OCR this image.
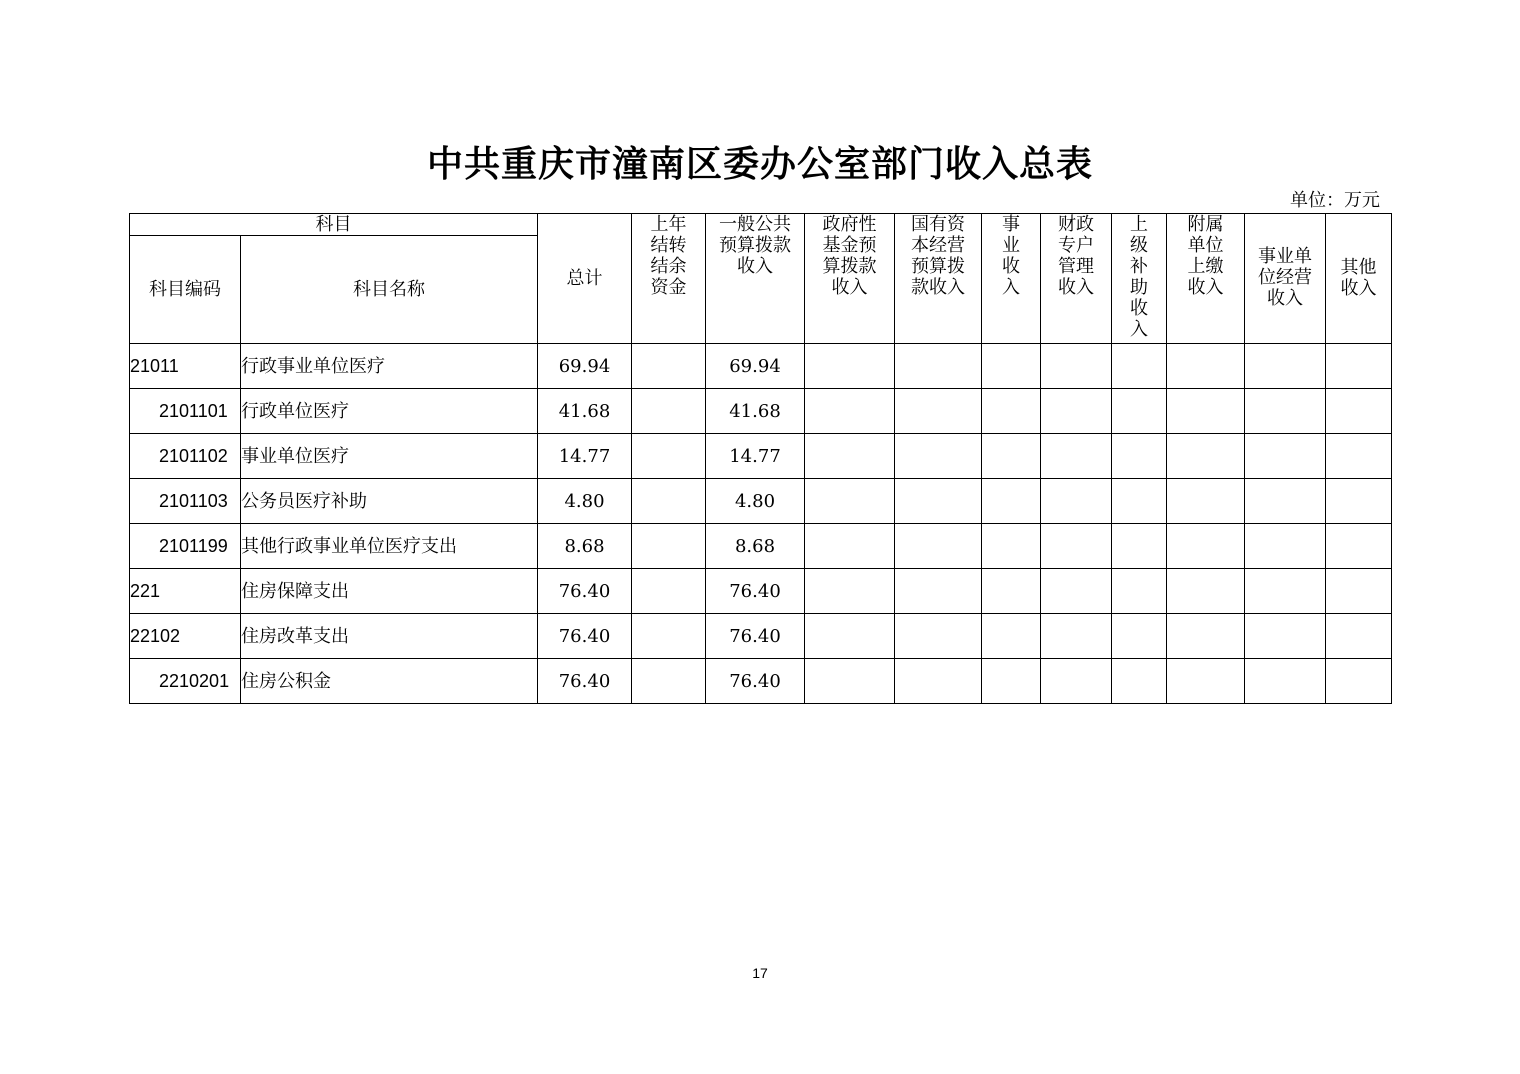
中共重庆市潼南区委办公室部门收入总表
单位：万元
科目		总计	上年结转结余资金	一般公共预算拨款收入	政府性基金预算拨款收入	国有资本经营预算拨款收入	事业收入	财政专户管理收入	上级补助收入	附属单位上缴收入	事业单位经营收入	其他收入

科目编码	科目名称											
21011	行政事业单位医疗	69.94		69.94								
2101101	行政单位医疗	41.68		41.68								
2101102	事业单位医疗	14.77		14.77								
2101103	公务员医疗补助	4.80		4.80								
2101199	其他行政事业单位医疗支出	8.68		8.68								
221	住房保障支出	76.40		76.40								
22102	住房改革支出	76.40		76.40								
2210201	住房公积金	76.40		76.40								
17
